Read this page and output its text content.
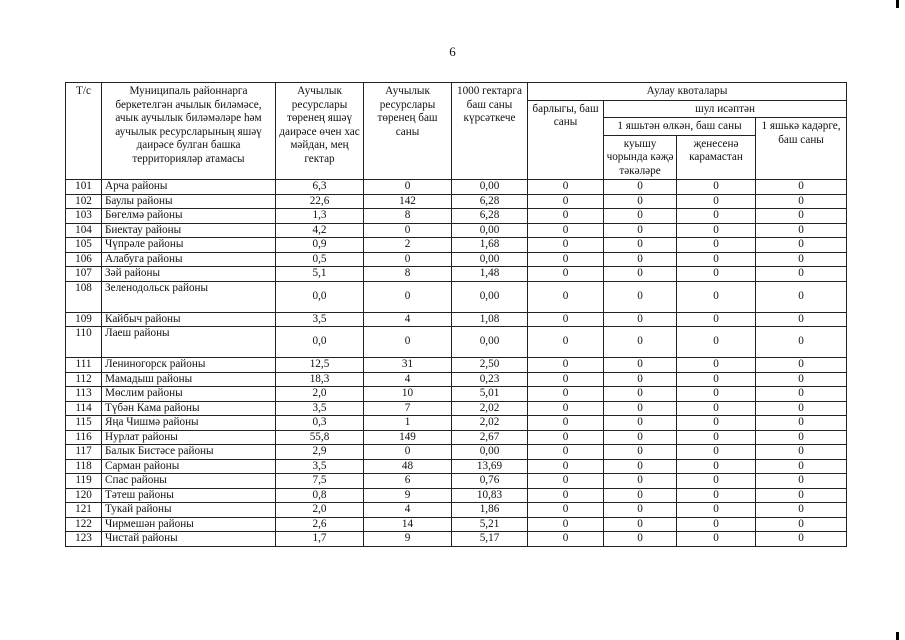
6
Т/с	Муниципаль районнарга беркетелгән ачылык биләмәсе, ачык аучылык биләмәләре һәм аучылык ресурсларының яшәү даирәсе булган башка территорияләр атамасы	Аучылык ресурслары төренең яшәү даирәсе өчен хас мәйдан, мең гектар	Аучылык ресурслары төренең баш саны	1000 гектарга баш саны күрсәткече	Аулау квоталары			
					барлыгы, баш саны	шул исәптән		
						1 яшьтән өлкән, баш саны		1 яшькә кадәрге, баш саны
						куышу чорында кәҗә тәкәләре	җенесенә карамастан	
101	Арча районы	6,3	0	0,00	0	0	0	0
102	Баулы районы	22,6	142	6,28	0	0	0	0
103	Бөгелмә районы	1,3	8	6,28	0	0	0	0
104	Биектау районы	4,2	0	0,00	0	0	0	0
105	Чүпрәле районы	0,9	2	1,68	0	0	0	0
106	Алабуга районы	0,5	0	0,00	0	0	0	0
107	Зәй районы	5,1	8	1,48	0	0	0	0
108	Зеленодольск районы	0,0	0	0,00	0	0	0	0
109	Кайбыч районы	3,5	4	1,08	0	0	0	0
110	Лаеш районы	0,0	0	0,00	0	0	0	0
111	Лениногорск районы	12,5	31	2,50	0	0	0	0
112	Мамадыш районы	18,3	4	0,23	0	0	0	0
113	Мөслим районы	2,0	10	5,01	0	0	0	0
114	Түбән Кама районы	3,5	7	2,02	0	0	0	0
115	Яңа Чишмә районы	0,3	1	2,02	0	0	0	0
116	Нурлат районы	55,8	149	2,67	0	0	0	0
117	Балык Бистәсе районы	2,9	0	0,00	0	0	0	0
118	Сарман районы	3,5	48	13,69	0	0	0	0
119	Спас районы	7,5	6	0,76	0	0	0	0
120	Тәтеш районы	0,8	9	10,83	0	0	0	0
121	Тукай районы	2,0	4	1,86	0	0	0	0
122	Чирмешән районы	2,6	14	5,21	0	0	0	0
123	Чистай районы	1,7	9	5,17	0	0	0	0
